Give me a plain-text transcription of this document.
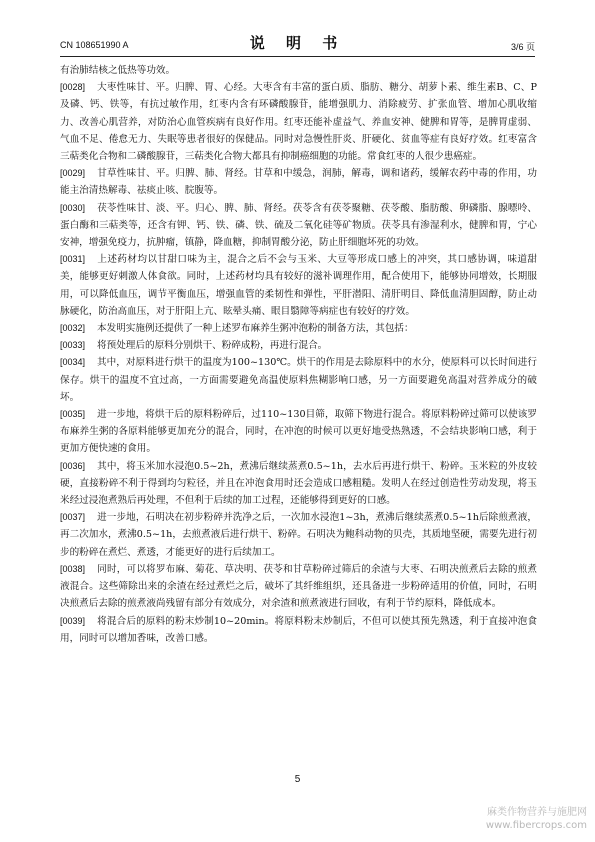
CN 108651990 A	说 明 书	3/6 页

有治肺结核之低热等功效。

[0028] 大枣性味甘、平。归脾、胃、心经。大枣含有丰富的蛋白质、脂肪、糖分、胡萝卜素、维生素B、C、P及磷、钙、铁等，有抗过敏作用，红枣内含有环磷酸腺苷，能增强肌力、消除疲劳、扩张血管、增加心肌收缩力、改善心肌营养，对防治心血管疾病有良好作用。红枣还能补虚益气、养血安神、健脾和胃等，是脾胃虚弱、气血不足、倦怠无力、失眠等患者很好的保健品。同时对急慢性肝炎、肝硬化、贫血等症有良好疗效。红枣富含三萜类化合物和二磷酸腺苷，三萜类化合物大都具有抑制癌细胞的功能。常食红枣的人很少患癌症。

[0029] 甘草性味甘、平。归脾、肺、肾经。甘草和中缓急，润肺，解毒，调和诸药，缓解农药中毒的作用，功能主治清热解毒、祛痰止咳、脘腹等。

[0030] 茯苓性味甘、淡、平。归心、脾、肺、肾经。茯苓含有茯苓聚糖、茯苓酸、脂肪酸、卵磷脂、腺嘌呤、蛋白酶和三萜类等，还含有钾、钙、铁、磷、铁、硫及二氧化硅等矿物质。茯苓具有渗湿利水，健脾和胃，宁心安神，增强免疫力，抗肿瘤，镇静，降血糖，抑制胃酸分泌，防止肝细胞坏死的功效。

[0031] 上述药材均以甘甜口味为主，混合之后不会与玉米、大豆等形成口感上的冲突，其口感协调，味道甜美，能够更好刺激人体食欲。同时，上述药材均具有较好的滋补调理作用，配合使用下，能够协同增效，长期服用，可以降低血压，调节平衡血压，增强血管的柔韧性和弹性，平肝潜阳、清肝明目、降低血清胆固醇，防止动脉硬化，防治高血压，对于肝阳上亢、眩晕头痛、眼目翳障等病症也有较好的疗效。

[0032] 本发明实施例还提供了一种上述罗布麻养生粥冲泡粉的制备方法，其包括：

[0033] 将预处理后的原料分别烘干、粉碎成粉，再进行混合。

[0034] 其中，对原料进行烘干的温度为100~130℃。烘干的作用是去除原料中的水分，使原料可以长时间进行保存。烘干的温度不宜过高，一方面需要避免高温使原料焦糊影响口感，另一方面要避免高温对营养成分的破坏。

[0035] 进一步地，将烘干后的原料粉碎后，过110~130目筛，取筛下物进行混合。将原料粉碎过筛可以使该罗布麻养生粥的各原料能够更加充分的混合，同时，在冲泡的时候可以更好地受热熟透，不会结块影响口感，利于更加方便快速的食用。

[0036] 其中，将玉米加水浸泡0.5~2h，煮沸后继续蒸煮0.5~1h，去水后再进行烘干、粉碎。玉米粒的外皮较硬，直接粉碎不利于得到均匀粒径，并且在冲泡食用时还会造成口感粗糙。发明人在经过创造性劳动发现，将玉米经过浸泡煮熟后再处理，不但利于后续的加工过程，还能够得到更好的口感。

[0037] 进一步地，石明决在初步粉碎并洗净之后，一次加水浸泡1~3h，煮沸后继续蒸煮0.5~1h后除煎煮液，再二次加水，煮沸0.5~1h，去煎煮液后进行烘干、粉碎。石明决为鲍科动物的贝壳，其质地坚硬，需要先进行初步的粉碎在煮烂、煮透，才能更好的进行后续加工。

[0038] 同时，可以将罗布麻、菊花、草决明、茯苓和甘草粉碎过筛后的余渣与大枣、石明决煎煮后去除的煎煮液混合。这些筛除出来的余渣在经过煮烂之后，破坏了其纤维组织，还具备进一步粉碎适用的价值，同时，石明决煎煮后去除的煎煮液尚残留有部分有效成分，对余渣和煎煮液进行回收，有利于节约原料，降低成本。

[0039] 将混合后的原料的粉末炒制10~20min。将原料粉末炒制后，不但可以使其预先熟透，利于直接冲泡食用，同时可以增加香味，改善口感。

5
麻类作物营养与施肥网
www.fibercrops.com
